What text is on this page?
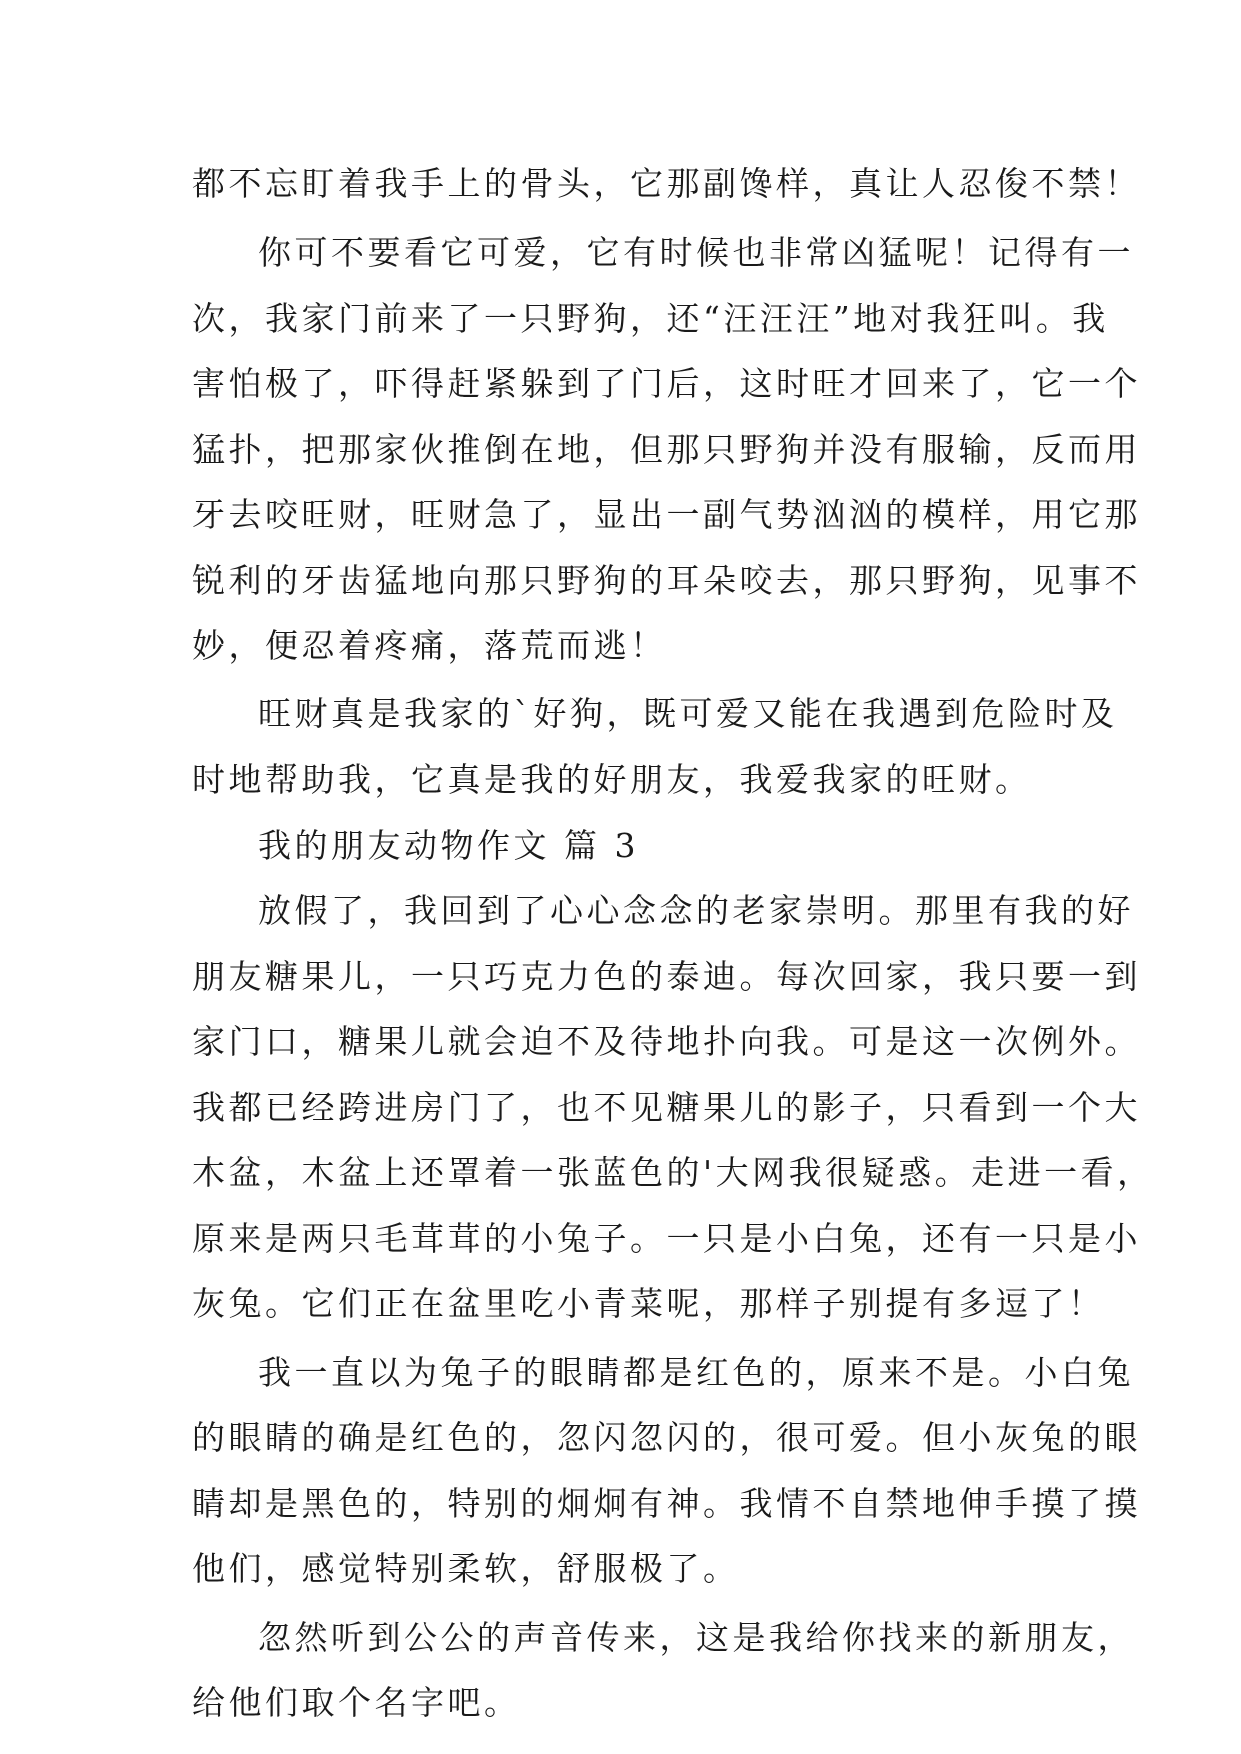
都不忘盯着我手上的骨头，它那副馋样，真让人忍俊不禁！
你可不要看它可爱，它有时候也非常凶猛呢！记得有一
次，我家门前来了一只野狗，还“汪汪汪”地对我狂叫。我
害怕极了，吓得赶紧躲到了门后，这时旺才回来了，它一个
猛扑，把那家伙推倒在地，但那只野狗并没有服输，反而用
牙去咬旺财，旺财急了，显出一副气势汹汹的模样，用它那
锐利的牙齿猛地向那只野狗的耳朵咬去，那只野狗，见事不
妙，便忍着疼痛，落荒而逃！
旺财真是我家的`好狗，既可爱又能在我遇到危险时及
时地帮助我，它真是我的好朋友，我爱我家的旺财。
我的朋友动物作文 篇 3
放假了，我回到了心心念念的老家崇明。那里有我的好
朋友糖果儿，一只巧克力色的泰迪。每次回家，我只要一到
家门口，糖果儿就会迫不及待地扑向我。可是这一次例外。
我都已经跨进房门了，也不见糖果儿的影子，只看到一个大
木盆，木盆上还罩着一张蓝色的'大网我很疑惑。走进一看，
原来是两只毛茸茸的小兔子。一只是小白兔，还有一只是小
灰兔。它们正在盆里吃小青菜呢，那样子别提有多逗了！
我一直以为兔子的眼睛都是红色的，原来不是。小白兔
的眼睛的确是红色的，忽闪忽闪的，很可爱。但小灰兔的眼
睛却是黑色的，特别的炯炯有神。我情不自禁地伸手摸了摸
他们，感觉特别柔软，舒服极了。
忽然听到公公的声音传来，这是我给你找来的新朋友，
给他们取个名字吧。
